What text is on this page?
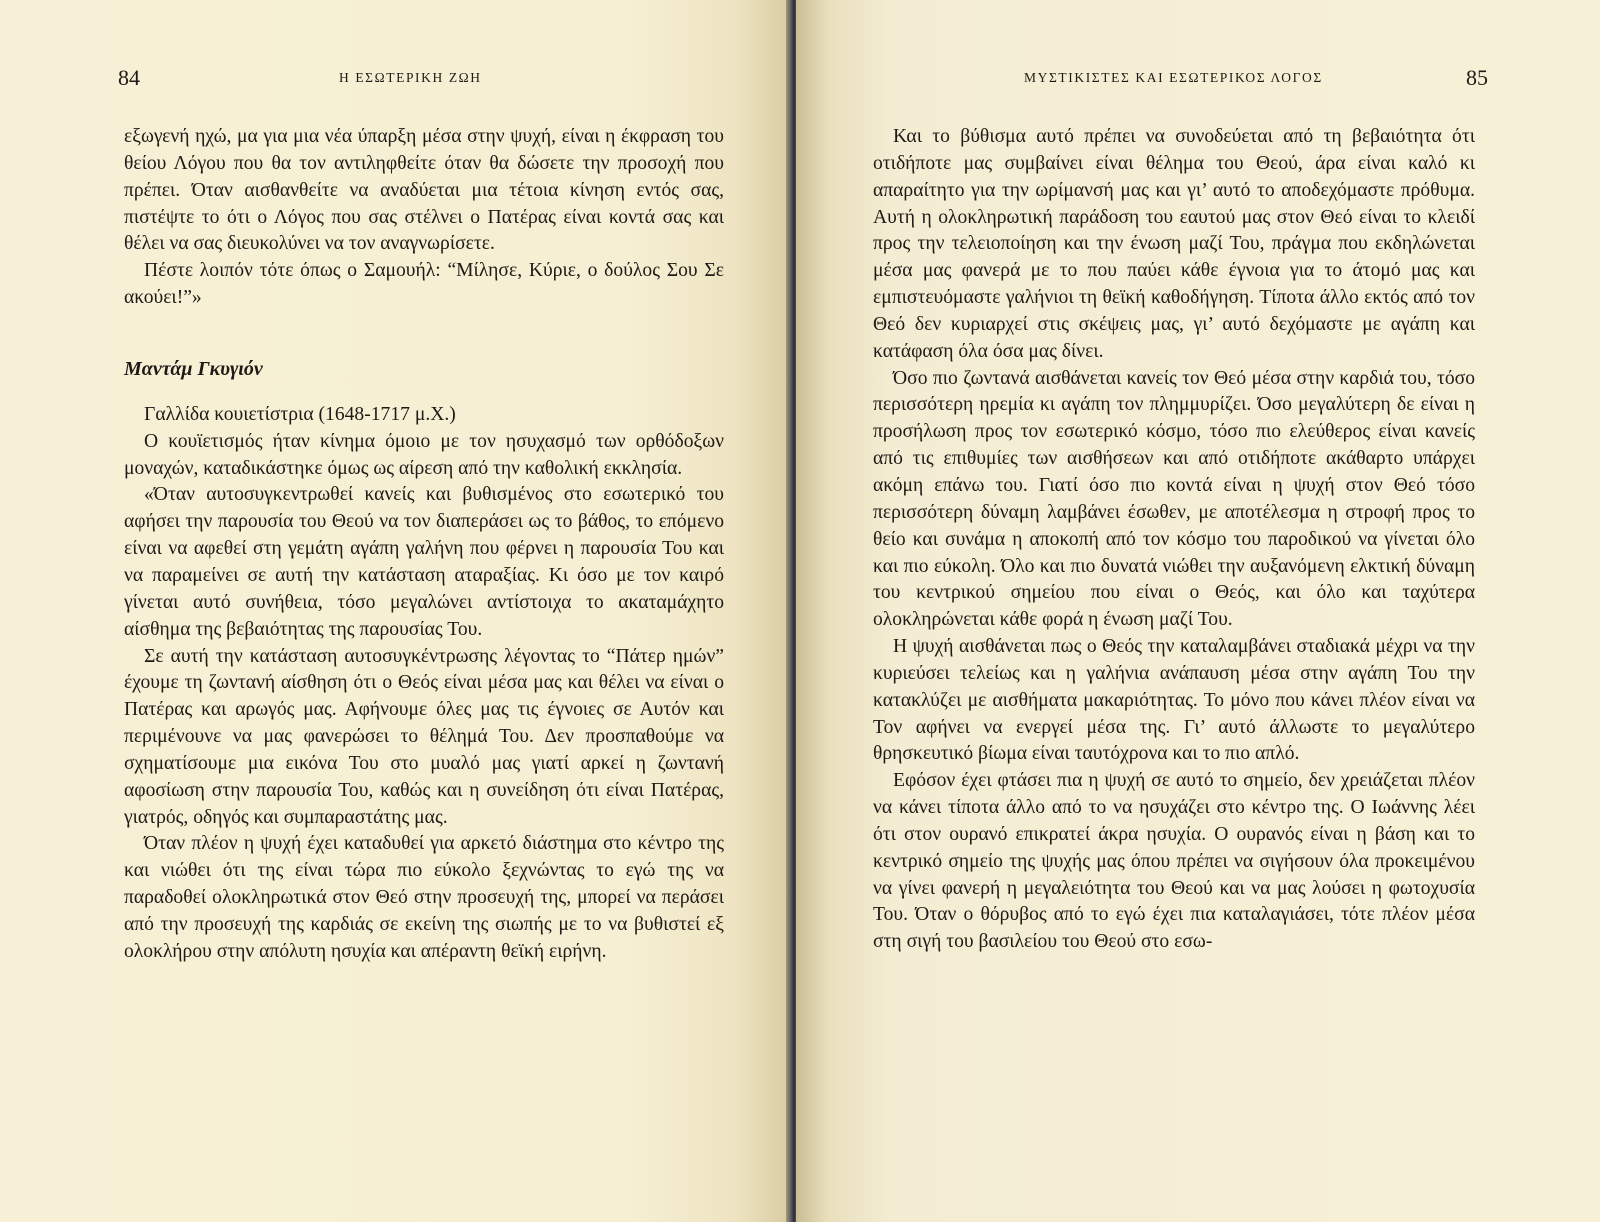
84	Η ΕΣΩΤΕΡΙΚΗ ΖΩΗ

εξωγενή ηχώ, μα για μια νέα ύπαρξη μέσα στην ψυχή, είναι η έκφραση του θείου Λόγου που θα τον αντιληφθείτε όταν θα δώσετε την προσοχή που πρέπει. Όταν αισθανθείτε να αναδύεται μια τέτοια κίνηση εντός σας, πιστέψτε το ότι ο Λόγος που σας στέλνει ο Πατέρας είναι κοντά σας και θέλει να σας διευκολύνει να τον αναγνωρίσετε.

Πέστε λοιπόν τότε όπως ο Σαμουήλ: “Μίλησε, Κύριε, ο δούλος Σου Σε ακούει!”»

Μαντάμ Γκυγιόν

Γαλλίδα κουιετίστρια (1648-1717 μ.Χ.)

Ο κουϊετισμός ήταν κίνημα όμοιο με τον ησυχασμό των ορθόδοξων μοναχών, καταδικάστηκε όμως ως αίρεση από την καθολική εκκλησία.

«Όταν αυτοσυγκεντρωθεί κανείς και βυθισμένος στο εσωτερικό του αφήσει την παρουσία του Θεού να τον διαπεράσει ως το βάθος, το επόμενο είναι να αφεθεί στη γεμάτη αγάπη γαλήνη που φέρνει η παρουσία Του και να παραμείνει σε αυτή την κατάσταση αταραξίας. Κι όσο με τον καιρό γίνεται αυτό συνήθεια, τόσο μεγαλώνει αντίστοιχα το ακαταμάχητο αίσθημα της βεβαιότητας της παρουσίας Του.

Σε αυτή την κατάσταση αυτοσυγκέντρωσης λέγοντας το “Πάτερ ημών” έχουμε τη ζωντανή αίσθηση ότι ο Θεός είναι μέσα μας και θέλει να είναι ο Πατέρας και αρωγός μας. Αφήνουμε όλες μας τις έγνοιες σε Αυτόν και περιμένουνε να μας φανερώσει το θέλημά Του. Δεν προσπαθούμε να σχηματίσουμε μια εικόνα Του στο μυαλό μας γιατί αρκεί η ζωντανή αφοσίωση στην παρουσία Του, καθώς και η συνείδηση ότι είναι Πατέρας, γιατρός, οδηγός και συμπαραστάτης μας.

Όταν πλέον η ψυχή έχει καταδυθεί για αρκετό διάστημα στο κέντρο της και νιώθει ότι της είναι τώρα πιο εύκολο ξεχνώντας το εγώ της να παραδοθεί ολοκληρωτικά στον Θεό στην προσευχή της, μπορεί να περάσει από την προσευχή της καρδιάς σε εκείνη της σιωπής με το να βυθιστεί εξ ολοκλήρου στην απόλυτη ησυχία και απέραντη θεϊκή ειρήνη.

ΜΥΣΤΙΚΙΣΤΕΣ ΚΑΙ ΕΣΩΤΕΡΙΚΟΣ ΛΟΓΟΣ	85

Και το βύθισμα αυτό πρέπει να συνοδεύεται από τη βεβαιότητα ότι οτιδήποτε μας συμβαίνει είναι θέλημα του Θεού, άρα είναι καλό κι απαραίτητο για την ωρίμανσή μας και γι’ αυτό το αποδεχόμαστε πρόθυμα. Αυτή η ολοκληρωτική παράδοση του εαυτού μας στον Θεό είναι το κλειδί προς την τελειοποίηση και την ένωση μαζί Του, πράγμα που εκδηλώνεται μέσα μας φανερά με το που παύει κάθε έγνοια για το άτομό μας και εμπιστευόμαστε γαλήνιοι τη θεϊκή καθοδήγηση. Τίποτα άλλο εκτός από τον Θεό δεν κυριαρχεί στις σκέψεις μας, γι’ αυτό δεχόμαστε με αγάπη και κατάφαση όλα όσα μας δίνει.

Όσο πιο ζωντανά αισθάνεται κανείς τον Θεό μέσα στην καρδιά του, τόσο περισσότερη ηρεμία κι αγάπη τον πλημμυρίζει. Όσο μεγαλύτερη δε είναι η προσήλωση προς τον εσωτερικό κόσμο, τόσο πιο ελεύθερος είναι κανείς από τις επιθυμίες των αισθήσεων και από οτιδήποτε ακάθαρτο υπάρχει ακόμη επάνω του. Γιατί όσο πιο κοντά είναι η ψυχή στον Θεό τόσο περισσότερη δύναμη λαμβάνει έσωθεν, με αποτέλεσμα η στροφή προς το θείο και συνάμα η αποκοπή από τον κόσμο του παροδικού να γίνεται όλο και πιο εύκολη. Όλο και πιο δυνατά νιώθει την αυξανόμενη ελκτική δύναμη του κεντρικού σημείου που είναι ο Θεός, και όλο και ταχύτερα ολοκληρώνεται κάθε φορά η ένωση μαζί Του.

Η ψυχή αισθάνεται πως ο Θεός την καταλαμβάνει σταδιακά μέχρι να την κυριεύσει τελείως και η γαλήνια ανάπαυση μέσα στην αγάπη Του την κατακλύζει με αισθήματα μακαριότητας. Το μόνο που κάνει πλέον είναι να Τον αφήνει να ενεργεί μέσα της. Γι’ αυτό άλλωστε το μεγαλύτερο θρησκευτικό βίωμα είναι ταυτόχρονα και το πιο απλό.

Εφόσον έχει φτάσει πια η ψυχή σε αυτό το σημείο, δεν χρειάζεται πλέον να κάνει τίποτα άλλο από το να ησυχάζει στο κέντρο της. Ο Ιωάννης λέει ότι στον ουρανό επικρατεί άκρα ησυχία. Ο ουρανός είναι η βάση και το κεντρικό σημείο της ψυχής μας όπου πρέπει να σιγήσουν όλα προκειμένου να γίνει φανερή η μεγαλειότητα του Θεού και να μας λούσει η φωτοχυσία Του. Όταν ο θόρυβος από το εγώ έχει πια καταλαγιάσει, τότε πλέον μέσα στη σιγή του βασιλείου του Θεού στο εσω-
